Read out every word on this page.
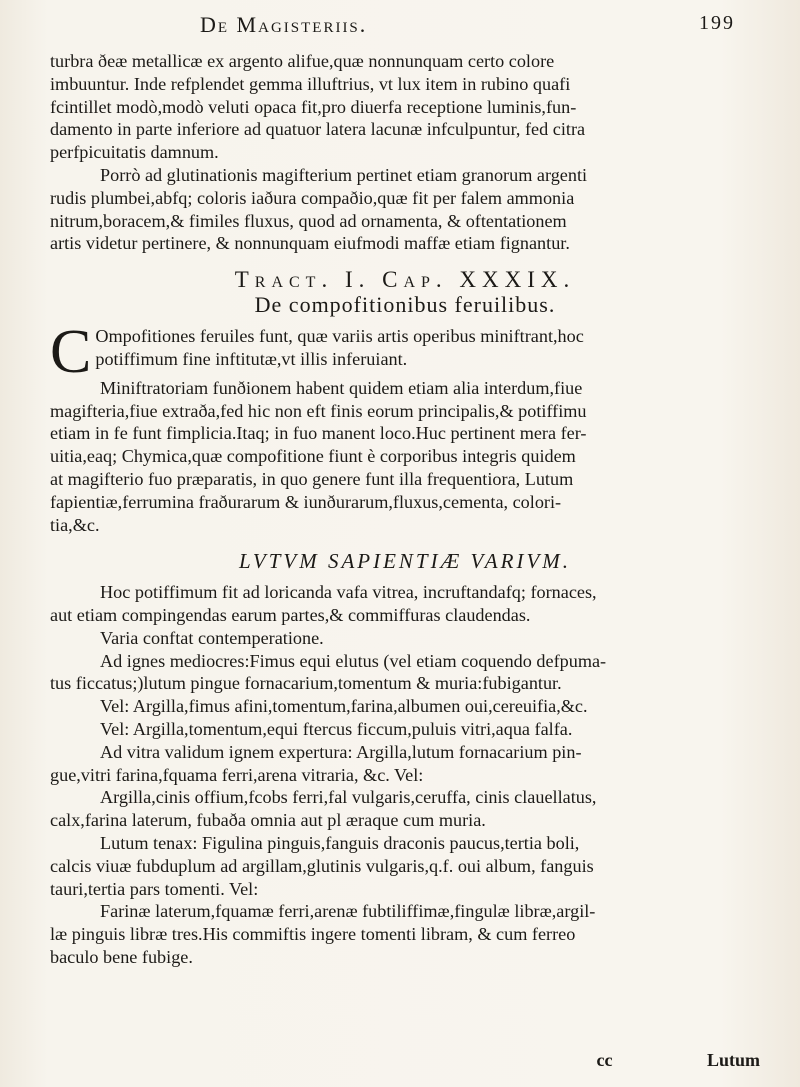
De Magisteriis.	199
turbra ðeæ metallicæ ex argento alifue,quæ nonnunquam certo colore
imbuuntur. Inde refplendet gemma illuftrius, vt lux item in rubino quafi
fcintillet modò,modò veluti opaca fit,pro diuerfa receptione luminis,fun-
damento in parte inferiore ad quatuor latera lacunæ infculpuntur, fed citra
perfpicuitatis damnum.
Porrò ad glutinationis magifterium pertinet etiam granorum argenti
rudis plumbei,abfq; coloris iaðura compaðio,quæ fit per falem ammonia
nitrum,boracem,& fimiles fluxus, quod ad ornamenta, & oftentationem
artis videtur pertinere, & nonnunquam eiufmodi maffæ etiam fignantur.
Tract. I. Cap. XXXIX.
De compofitionibus feruilibus.
C Ompofitiones feruiles funt, quæ variis artis operibus miniftrant,hoc
potiffimum fine inftitutæ,vt illis inferuiant.
Miniftratoriam funðionem habent quidem etiam alia interdum,fiue
magifteria,fiue extraða,fed hic non eft finis eorum principalis,& potiffimu
etiam in fe funt fimplicia.Itaq; in fuo manent loco.Huc pertinent mera fer-
uitia,eaq; Chymica,quæ compofitione fiunt è corporibus integris quidem
at magifterio fuo præparatis, in quo genere funt illa frequentiora, Lutum
fapientiæ,ferrumina fraðurarum & iunðurarum,fluxus,cementa, colori-
tia,&c.
LVTVM SAPIENTIÆ VARIVM.
Hoc potiffimum fit ad loricanda vafa vitrea, incruftandafq; fornaces,
aut etiam compingendas earum partes,& commiffuras claudendas.
Varia conftat contemperatione.
Ad ignes mediocres:Fimus equi elutus (vel etiam coquendo defpuma-
tus ficcatus;)lutum pingue fornacarium,tomentum & muria:fubigantur.
Vel: Argilla,fimus afini,tomentum,farina,albumen oui,cereuifia,&c.
Vel: Argilla,tomentum,equi ftercus ficcum,puluis vitri,aqua falfa.
Ad vitra validum ignem expertura: Argilla,lutum fornacarium pin-
gue,vitri farina,fquama ferri,arena vitraria, &c. Vel:
Argilla,cinis offium,fcobs ferri,fal vulgaris,ceruffa, cinis clauellatus,
calx,farina laterum, fubaða omnia aut pl æraque cum muria.
Lutum tenax: Figulina pinguis,fanguis draconis paucus,tertia boli,
calcis viuæ fubduplum ad argillam,glutinis vulgaris,q.f. oui album, fanguis
tauri,tertia pars tomenti. Vel:
Farinæ laterum,fquamæ ferri,arenæ fubtiliffimæ,fingulæ libræ,argil-
læ pinguis libræ tres.His commiftis ingere tomenti libram, & cum ferreo
baculo bene fubige.
cc	Lutum
